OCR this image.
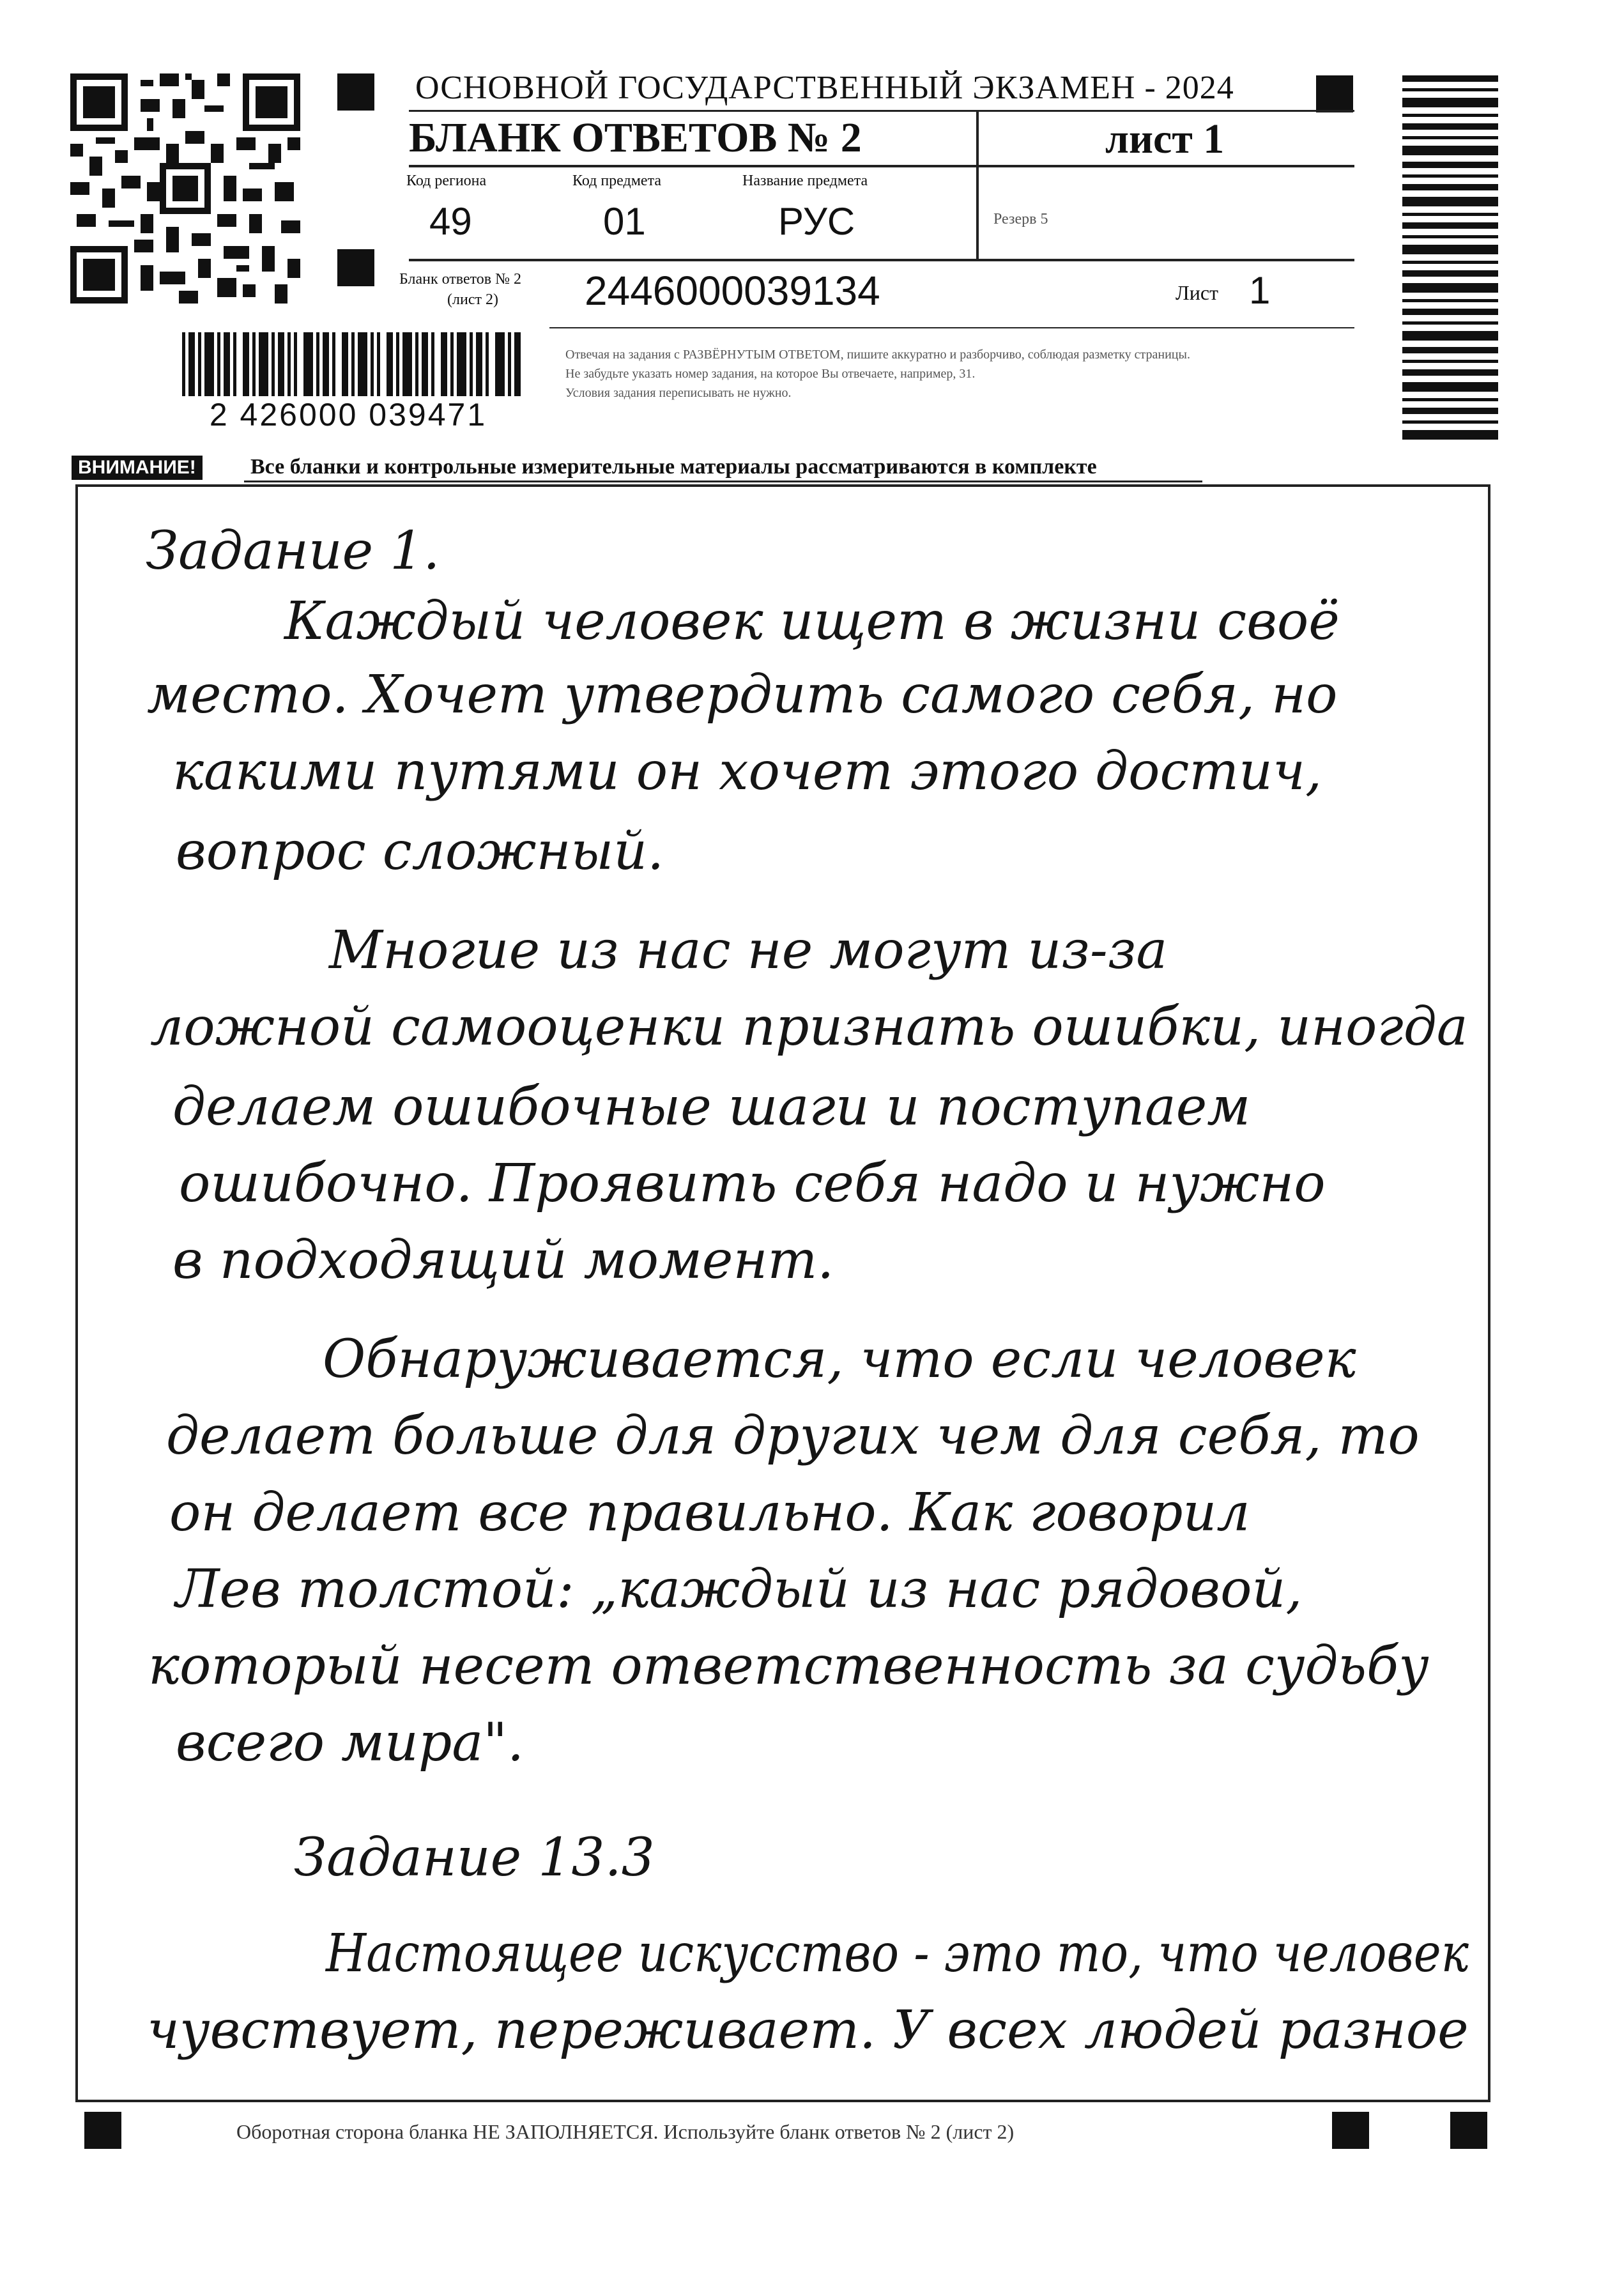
2 426000 039471
ОСНОВНОЙ ГОСУДАРСТВЕННЫЙ ЭКЗАМЕН - 2024
БЛАНК ОТВЕТОВ № 2	лист 1
Код региона
49
Код предмета
01
Название предмета
РУС	Резерв 5
Бланк ответов № 2
(лист 2) 2446000039134	Лист 1
Отвечая на задания с РАЗВЁРНУТЫМ ОТВЕТОМ, пишите аккуратно и разборчиво, соблюдая разметку страницы.
Не забудьте указать номер задания, на которое Вы отвечаете, например, 31.
Условия задания переписывать не нужно.
ВНИМАНИЕ!	Все бланки и контрольные измерительные материалы рассматриваются в комплекте
Задание 1.
Каждый человек ищет в жизни своё
место. Хочет утвердить самого себя, но
какими путями он хочет этого достич,
вопрос сложный.
Многие из нас не могут из-за
ложной самооценки признать ошибки, иногда
делаем ошибочные шаги и поступаем
ошибочно. Проявить себя надо и нужно
в подходящий момент.
Обнаруживается, что если человек
делает больше для других чем для себя, то
он делает все правильно. Как говорил
Лев толстой: „каждый из нас рядовой,
который несет ответственность за судьбу
всего мира".
Задание 13.3
Настоящее искусство - это то, что человек
чувствует, переживает. У всех людей разное
Оборотная сторона бланка НЕ ЗАПОЛНЯЕТСЯ. Используйте бланк ответов № 2 (лист 2)
